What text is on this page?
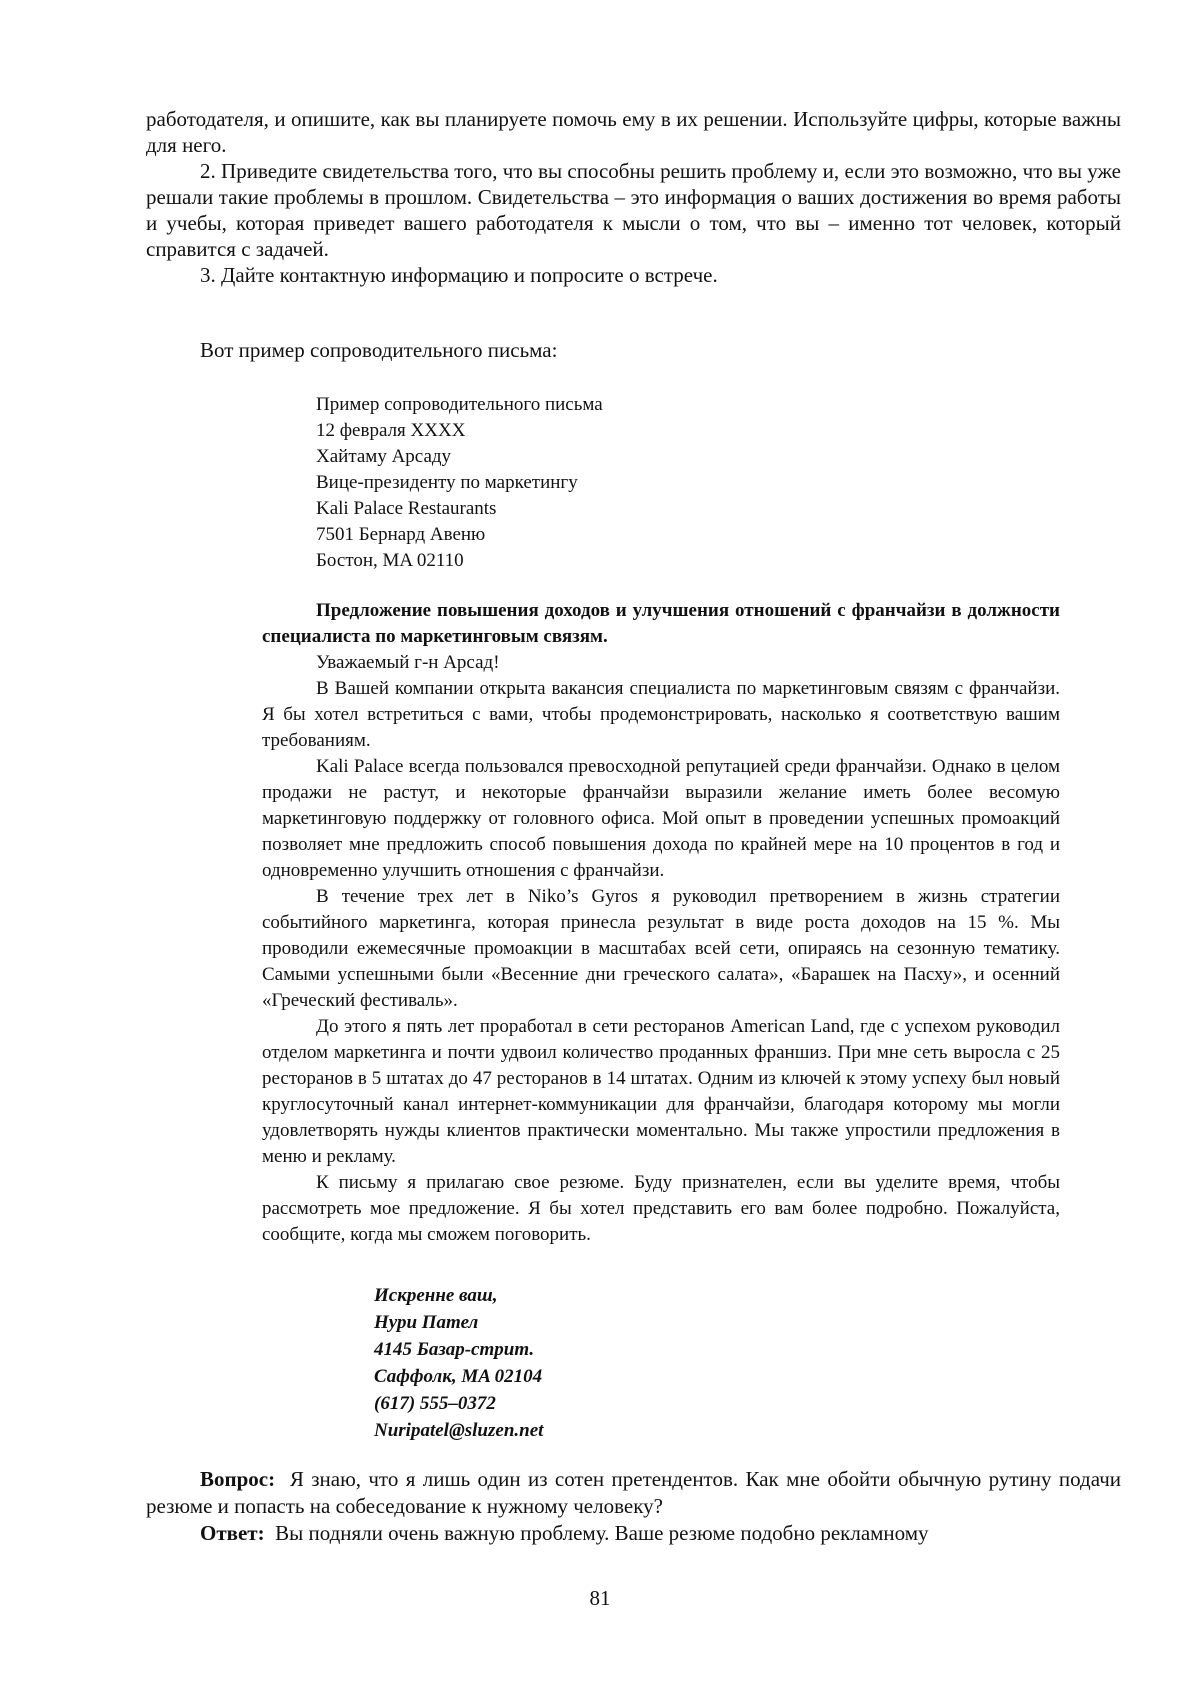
работодателя, и опишите, как вы планируете помочь ему в их решении. Используйте цифры, которые важны для него.

2. Приведите свидетельства того, что вы способны решить проблему и, если это возможно, что вы уже решали такие проблемы в прошлом. Свидетельства – это информация о ваших достижения во время работы и учебы, которая приведет вашего работодателя к мысли о том, что вы – именно тот человек, который справится с задачей.

3. Дайте контактную информацию и попросите о встрече.

Вот пример сопроводительного письма:
Пример сопроводительного письма
12 февраля XXXX
Хайтаму Арсаду
Вице-президенту по маркетингу
Kali Palace Restaurants
7501 Бернард Авеню
Бостон, MA 02110

Предложение повышения доходов и улучшения отношений с франчайзи в должности специалиста по маркетинговым связям.

Уважаемый г-н Арсад!

В Вашей компании открыта вакансия специалиста по маркетинговым связям с франчайзи. Я бы хотел встретиться с вами, чтобы продемонстрировать, насколько я соответствую вашим требованиям.

Kali Palace всегда пользовался превосходной репутацией среди франчайзи. Однако в целом продажи не растут, и некоторые франчайзи выразили желание иметь более весомую маркетинговую поддержку от головного офиса. Мой опыт в проведении успешных промоакций позволяет мне предложить способ повышения дохода по крайней мере на 10 процентов в год и одновременно улучшить отношения с франчайзи.

В течение трех лет в Niko’s Gyros я руководил претворением в жизнь стратегии событийного маркетинга, которая принесла результат в виде роста доходов на 15 %. Мы проводили ежемесячные промоакции в масштабах всей сети, опираясь на сезонную тематику. Самыми успешными были «Весенние дни греческого салата», «Барашек на Пасху», и осенний «Греческий фестиваль».

До этого я пять лет проработал в сети ресторанов American Land, где с успехом руководил отделом маркетинга и почти удвоил количество проданных франшиз. При мне сеть выросла с 25 ресторанов в 5 штатах до 47 ресторанов в 14 штатах. Одним из ключей к этому успеху был новый круглосуточный канал интернет-коммуникации для франчайзи, благодаря которому мы могли удовлетворять нужды клиентов практически моментально. Мы также упростили предложения в меню и рекламу.

К письму я прилагаю свое резюме. Буду признателен, если вы уделите время, чтобы рассмотреть мое предложение. Я бы хотел представить его вам более подробно. Пожалуйста, сообщите, когда мы сможем поговорить.

Искренне ваш,
Нури Пател
4145 Базар-стрит.
Саффолк, MA 02104
(617) 555–0372
Nuripatel@sluzen.net

Вопрос: Я знаю, что я лишь один из сотен претендентов. Как мне обойти обычную рутину подачи резюме и попасть на собеседование к нужному человеку?

Ответ: Вы подняли очень важную проблему. Ваше резюме подобно рекламному

81
